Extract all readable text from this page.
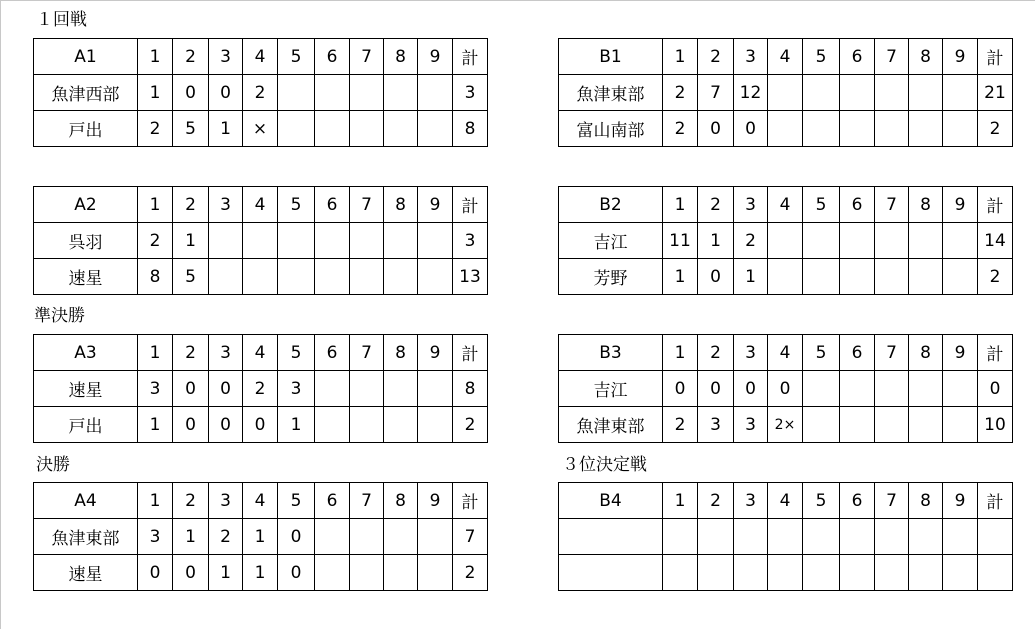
１回戦
準決勝
決勝	３位決定戦
A1	1	2	3	4	5	6	7	8	9	計
魚津西部	1	0	0	2						3
戸出	2	5	1	×						8
A2	1	2	3	4	5	6	7	8	9	計
呉羽	2	1								3
速星	8	5								13
A3	1	2	3	4	5	6	7	8	9	計
速星	3	0	0	2	3					8
戸出	1	0	0	0	1					2
A4	1	2	3	4	5	6	7	8	9	計
魚津東部	3	1	2	1	0					7
速星	0	0	1	1	0					2
B1	1	2	3	4	5	6	7	8	9	計
魚津東部	2	7	12							21
富山南部	2	0	0							2
B2	1	2	3	4	5	6	7	8	9	計
吉江	11	1	2							14
芳野	1	0	1							2
B3	1	2	3	4	5	6	7	8	9	計
吉江	0	0	0	0						0
魚津東部	2	3	3	2×						10
B4	1	2	3	4	5	6	7	8	9	計
